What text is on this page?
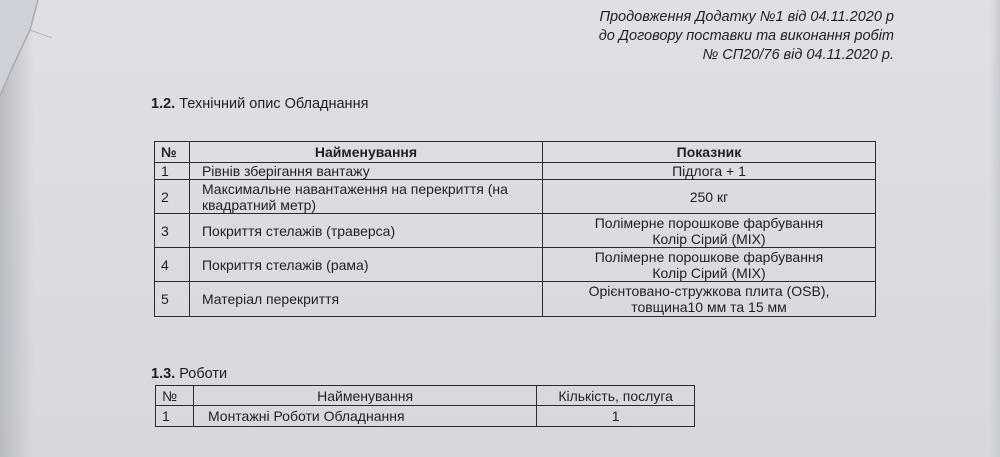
Продовження Додатку №1 від 04.11.2020 р
до Договору поставки та виконання робіт
№ СП20/76 від 04.11.2020 р.
1.2. Технічний опис Обладнання
№	Найменування	Показник
1	Рівнів зберігання вантажу	Підлога + 1
2	Максимальне навантаження на перекриття (на квадратний метр)	250 кг
3	Покриття стелажів (траверса)	Полімерне порошкове фарбування
Колір Сірий (MIX)

4	Покриття стелажів (рама)	Полімерне порошкове фарбування
Колір Сірий (MIX)

5	Матеріал перекриття	Орієнтовано-стружкова плита (OSB),
товщина10 мм та 15 мм
1.3. Роботи
№	Найменування	Кількість, послуга
1	Монтажні Роботи Обладнання	1
